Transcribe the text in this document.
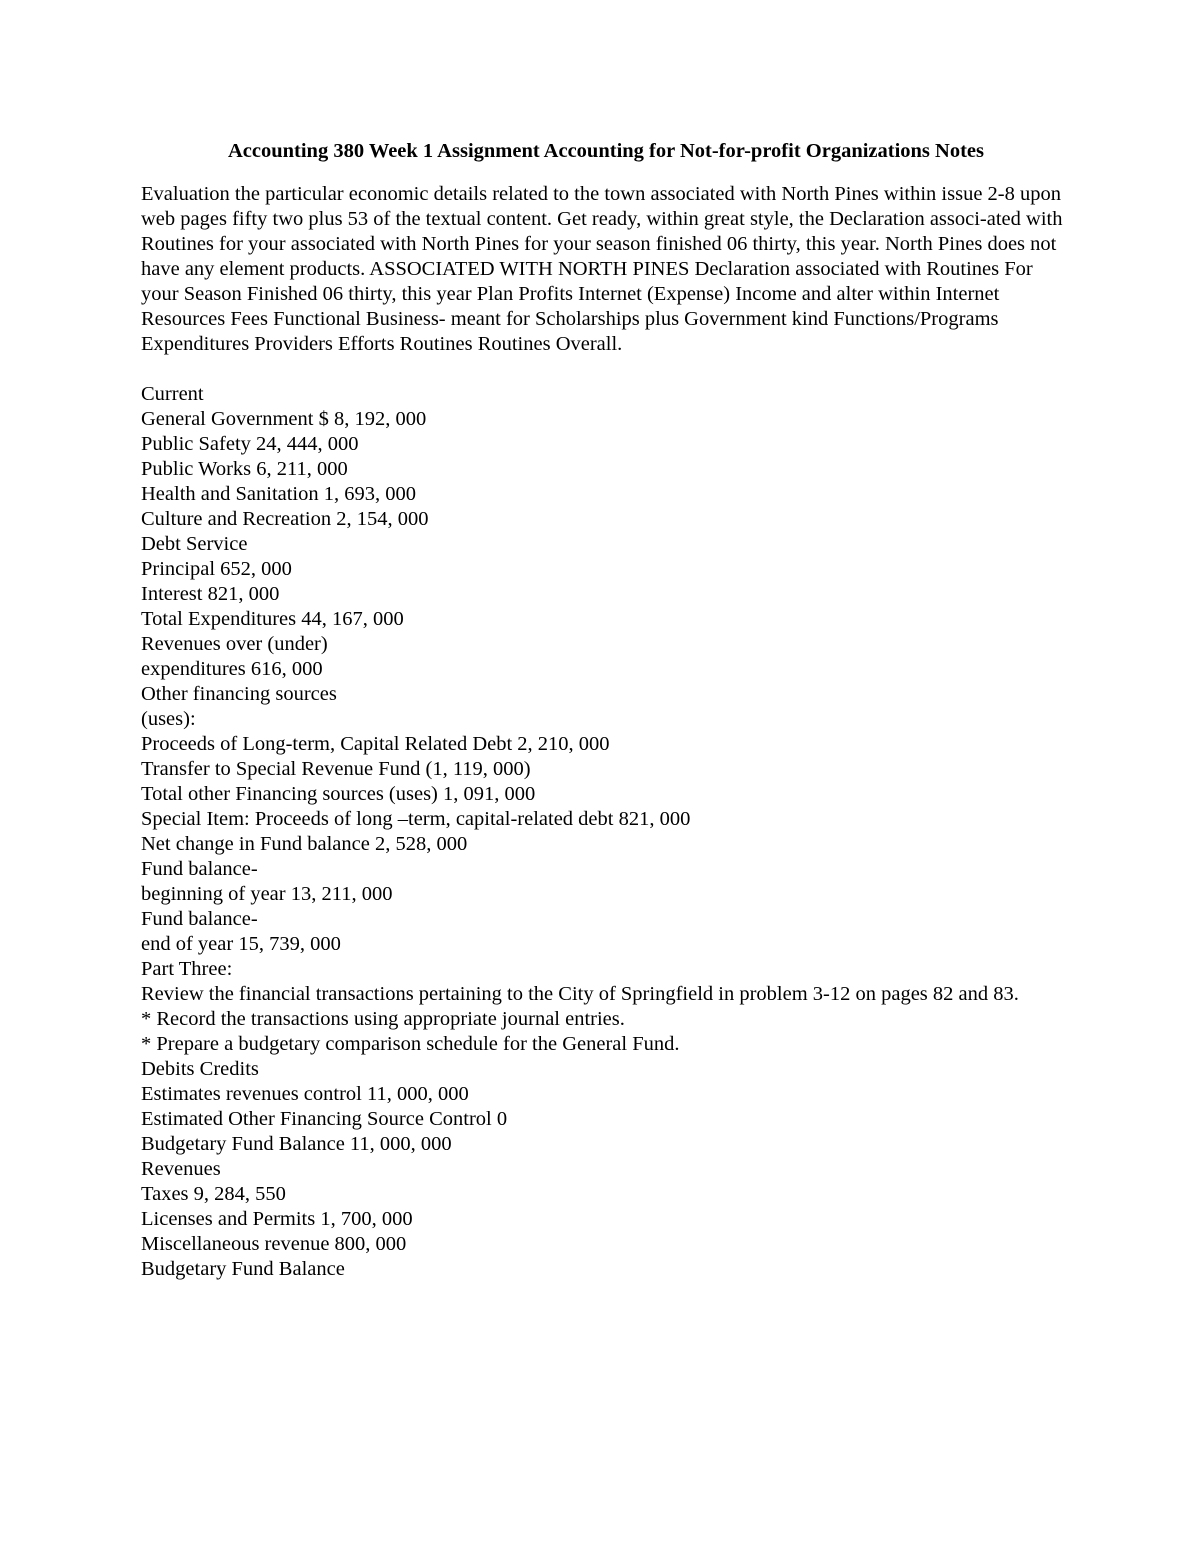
Accounting 380 Week 1 Assignment Accounting for Not-for-profit Organizations Notes

Evaluation the particular economic details related to the town associated with North Pines within issue 2-8 upon web pages fifty two plus 53 of the textual content. Get ready, within great style, the Declaration associ-ated with Routines for your associated with North Pines for your season finished 06 thirty, this year. North Pines does not have any element products. ASSOCIATED WITH NORTH PINES Declaration associated with Routines For your Season Finished 06 thirty, this year Plan Profits Internet (Expense) Income and alter within Internet Resources Fees Functional Business- meant for Scholarships plus Government kind Functions/Programs Expenditures Providers Efforts Routines Routines Overall.

Current

General Government $ 8, 192, 000

Public Safety 24, 444, 000

Public Works 6, 211, 000

Health and Sanitation 1, 693, 000

Culture and Recreation 2, 154, 000

Debt Service

Principal 652, 000

Interest 821, 000

Total Expenditures 44, 167, 000

Revenues over (under)

expenditures 616, 000

Other financing sources

(uses):

Proceeds of Long-term, Capital Related Debt 2, 210, 000

Transfer to Special Revenue Fund (1, 119, 000)

Total other Financing sources (uses) 1, 091, 000

Special Item: Proceeds of long –term, capital-related debt 821, 000

Net change in Fund balance 2, 528, 000

Fund balance-

beginning of year 13, 211, 000

Fund balance-

end of year 15, 739, 000

Part Three:

Review the financial transactions pertaining to the City of Springfield in problem 3-12 on pages 82 and 83.

* Record the transactions using appropriate journal entries.

* Prepare a budgetary comparison schedule for the General Fund.

Debits Credits

Estimates revenues control 11, 000, 000

Estimated Other Financing Source Control 0

Budgetary Fund Balance 11, 000, 000

Revenues

Taxes 9, 284, 550

Licenses and Permits 1, 700, 000

Miscellaneous revenue 800, 000

Budgetary Fund Balance
